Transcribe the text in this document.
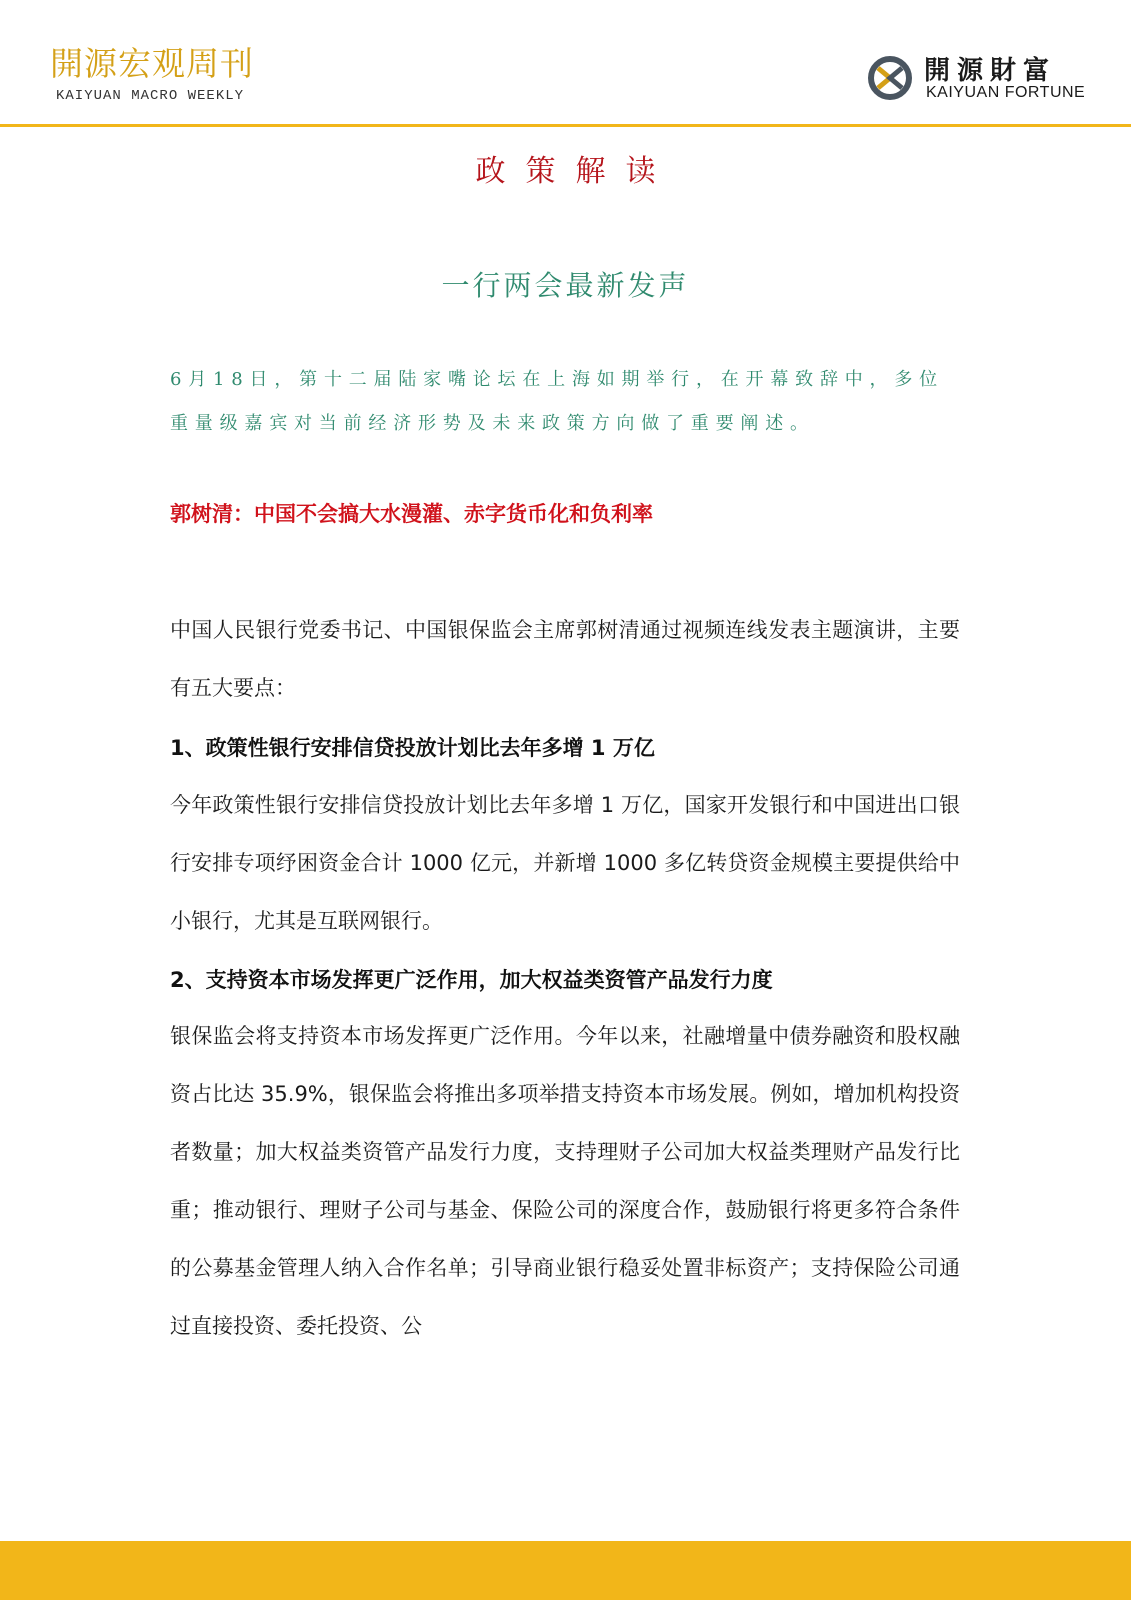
開源宏观周刊
KAIYUAN MACRO WEEKLY
開源財富
KAIYUAN FORTUNE
政策解读
一行两会最新发声
6月18日，第十二届陆家嘴论坛在上海如期举行，在开幕致辞中，多位重量级嘉宾对当前经济形势及未来政策方向做了重要阐述。
郭树清：中国不会搞大水漫灌、赤字货币化和负利率
中国人民银行党委书记、中国银保监会主席郭树清通过视频连线发表主题演讲，主要有五大要点：
1、政策性银行安排信贷投放计划比去年多增 1 万亿
今年政策性银行安排信贷投放计划比去年多增 1 万亿，国家开发银行和中国进出口银行安排专项纾困资金合计 1000 亿元，并新增 1000 多亿转贷资金规模主要提供给中小银行，尤其是互联网银行。
2、支持资本市场发挥更广泛作用，加大权益类资管产品发行力度
银保监会将支持资本市场发挥更广泛作用。今年以来，社融增量中债券融资和股权融资占比达 35.9%，银保监会将推出多项举措支持资本市场发展。例如，增加机构投资者数量；加大权益类资管产品发行力度，支持理财子公司加大权益类理财产品发行比重；推动银行、理财子公司与基金、保险公司的深度合作，鼓励银行将更多符合条件的公募基金管理人纳入合作名单；引导商业银行稳妥处置非标资产；支持保险公司通过直接投资、委托投资、公
